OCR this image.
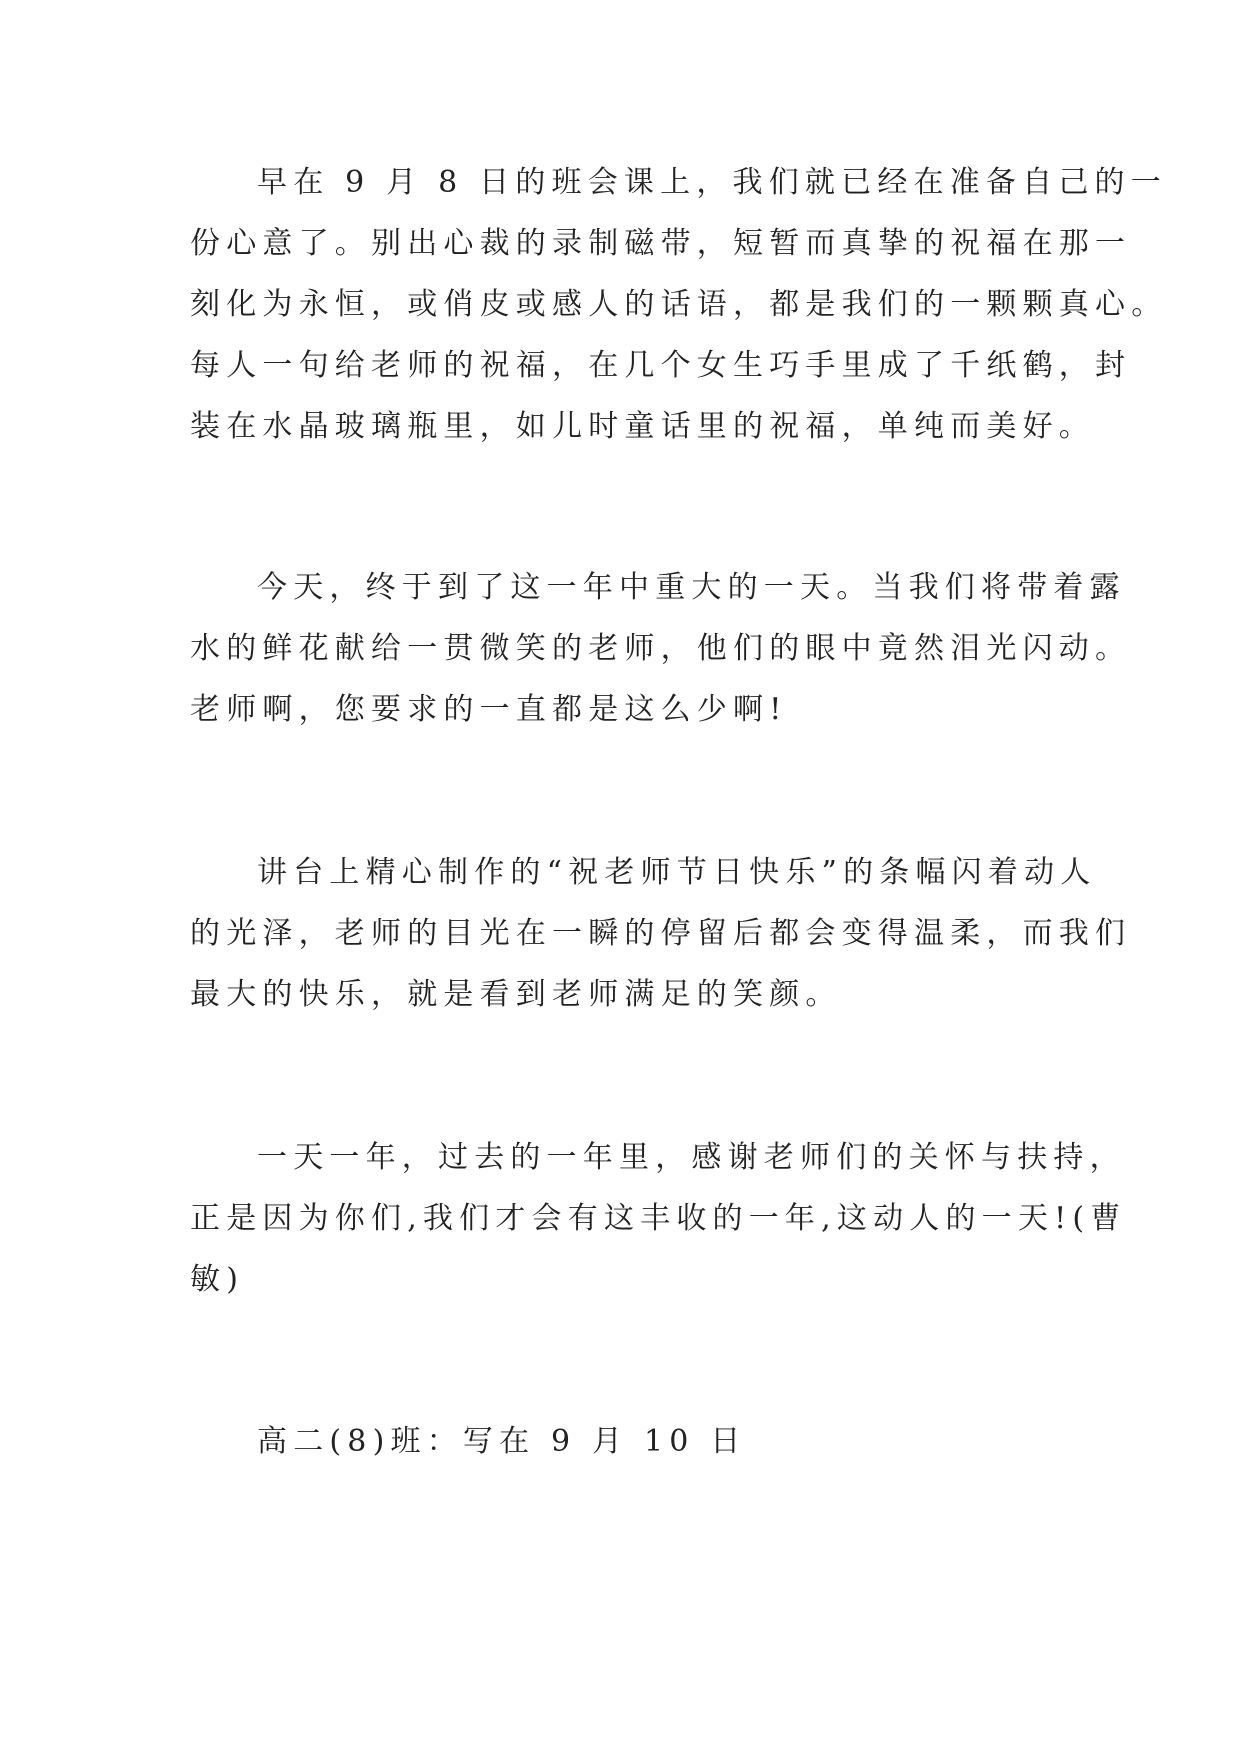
早在 9 月 8 日的班会课上，我们就已经在准备自己的一
份心意了。别出心裁的录制磁带，短暂而真挚的祝福在那一
刻化为永恒，或俏皮或感人的话语，都是我们的一颗颗真心。
每人一句给老师的祝福，在几个女生巧手里成了千纸鹤，封
装在水晶玻璃瓶里，如儿时童话里的祝福，单纯而美好。
今天，终于到了这一年中重大的一天。当我们将带着露
水的鲜花献给一贯微笑的老师，他们的眼中竟然泪光闪动。
老师啊，您要求的一直都是这么少啊!
讲台上精心制作的“祝老师节日快乐”的条幅闪着动人
的光泽，老师的目光在一瞬的停留后都会变得温柔，而我们
最大的快乐，就是看到老师满足的笑颜。
一天一年，过去的一年里，感谢老师们的关怀与扶持，
正是因为你们,我们才会有这丰收的一年,这动人的一天!(曹
敏)
高二(8)班：写在 9 月 10 日
